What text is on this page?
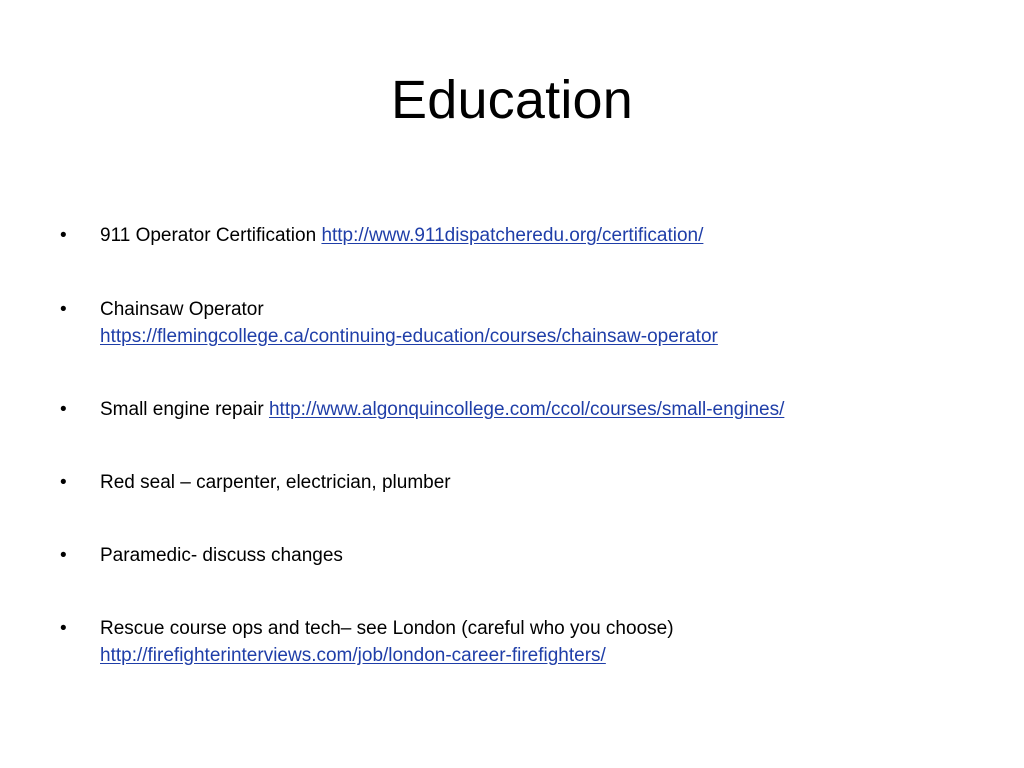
Education
• 911 Operator Certification http://www.911dispatcheredu.org/certification/
• Chainsaw Operator
https://flemingcollege.ca/continuing-education/courses/chainsaw-operator
• Small engine repair http://www.algonquincollege.com/ccol/courses/small-engines/
• Red seal – carpenter, electrician, plumber
• Paramedic- discuss changes
• Rescue course ops and tech– see London (careful who you choose)
http://firefighterinterviews.com/job/london-career-firefighters/
